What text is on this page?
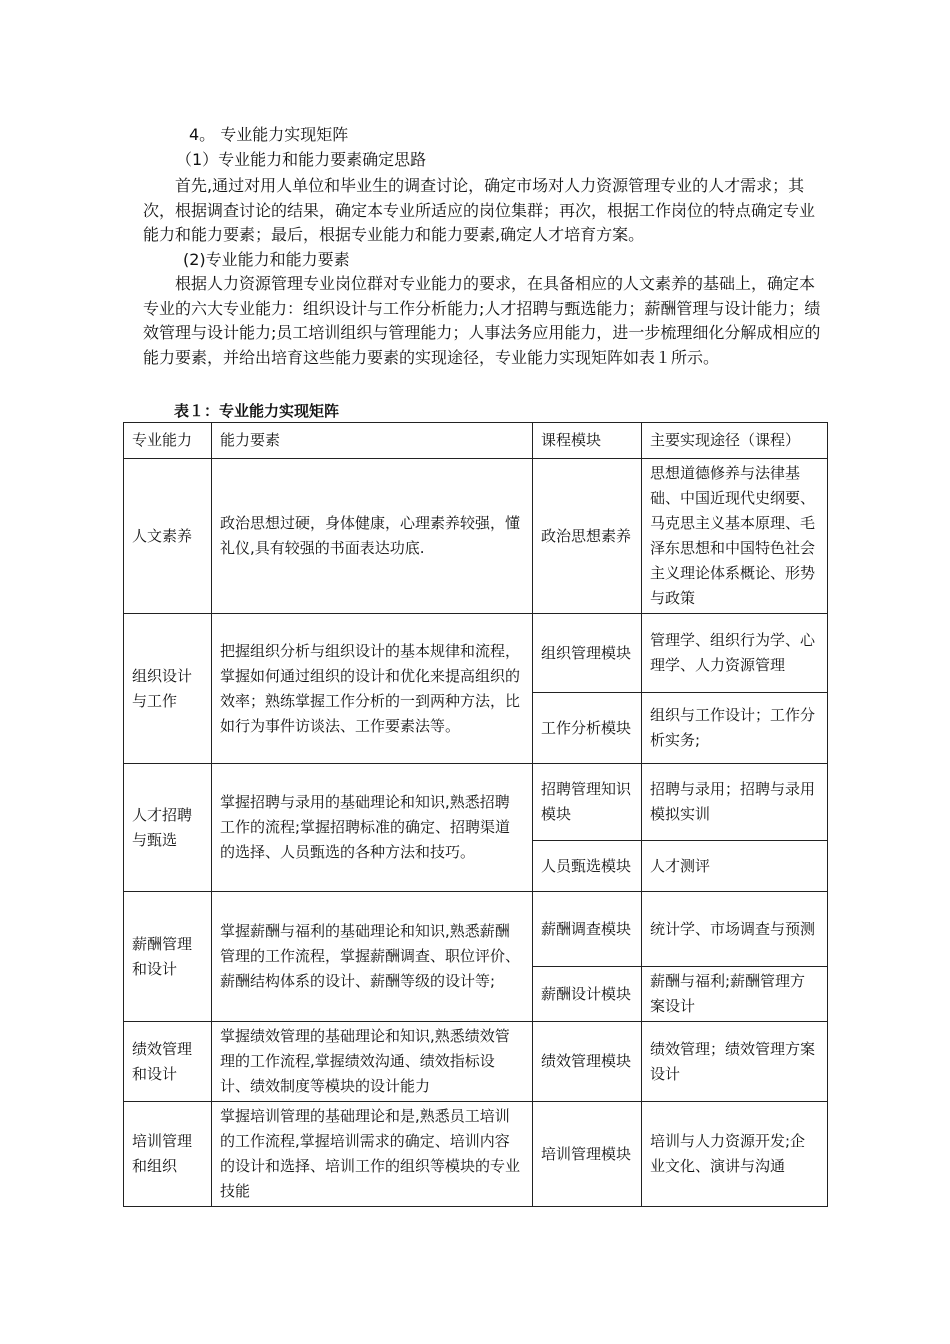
4。 专业能力实现矩阵
（1）专业能力和能力要素确定思路
首先,通过对用人单位和毕业生的调查讨论，确定市场对人力资源管理专业的人才需求；其次，根据调查讨论的结果，确定本专业所适应的岗位集群；再次，根据工作岗位的特点确定专业能力和能力要素；最后，根据专业能力和能力要素,确定人才培育方案。
(2)专业能力和能力要素
根据人力资源管理专业岗位群对专业能力的要求，在具备相应的人文素养的基础上，确定本专业的六大专业能力：组织设计与工作分析能力;人才招聘与甄选能力；薪酬管理与设计能力；绩效管理与设计能力;员工培训组织与管理能力；人事法务应用能力，进一步梳理细化分解成相应的能力要素，并给出培育这些能力要素的实现途径，专业能力实现矩阵如表１所示。
表１：专业能力实现矩阵
专业能力	能力要素	课程模块	主要实现途径（课程）
人文素养	政治思想过硬，身体健康，心理素养较强，懂礼仪,具有较强的书面表达功底.	政治思想素养	思想道德修养与法律基础、中国近现代史纲要、马克思主义基本原理、毛泽东思想和中国特色社会主义理论体系概论、形势与政策
组织设计与工作	把握组织分析与组织设计的基本规律和流程，掌握如何通过组织的设计和优化来提高组织的效率；熟练掌握工作分析的一到两种方法，比如行为事件访谈法、工作要素法等。	组织管理模块	管理学、组织行为学、心理学、人力资源管理
		工作分析模块	组织与工作设计；工作分析实务;
人才招聘与甄选	掌握招聘与录用的基础理论和知识,熟悉招聘工作的流程;掌握招聘标准的确定、招聘渠道的选择、人员甄选的各种方法和技巧。	招聘管理知识模块	招聘与录用；招聘与录用模拟实训
		人员甄选模块	人才测评
薪酬管理和设计	掌握薪酬与福利的基础理论和知识,熟悉薪酬管理的工作流程，掌握薪酬调查、职位评价、薪酬结构体系的设计、薪酬等级的设计等;	薪酬调查模块	统计学、市场调查与预测
		薪酬设计模块	薪酬与福利;薪酬管理方案设计
绩效管理和设计	掌握绩效管理的基础理论和知识,熟悉绩效管理的工作流程,掌握绩效沟通、绩效指标设计、绩效制度等模块的设计能力	绩效管理模块	绩效管理；绩效管理方案设计
培训管理和组织	掌握培训管理的基础理论和是,熟悉员工培训的工作流程,掌握培训需求的确定、培训内容的设计和选择、培训工作的组织等模块的专业技能	培训管理模块	培训与人力资源开发;企业文化、演讲与沟通
